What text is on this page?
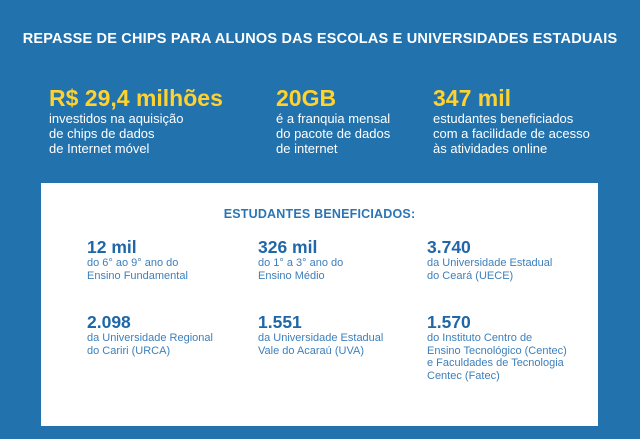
REPASSE DE CHIPS PARA ALUNOS DAS ESCOLAS E UNIVERSIDADES ESTADUAIS
R$ 29,4 milhões
investidos na aquisição
de chips de dados
de Internet móvel
20GB
é a franquia mensal
do pacote de dados
de internet
347 mil
estudantes beneficiados
com a facilidade de acesso
às atividades online
ESTUDANTES BENEFICIADOS:
12 mil
do 6° ao 9° ano do
Ensino Fundamental
326 mil
do 1° a 3° ano do
Ensino Médio
3.740
da Universidade Estadual
do Ceará (UECE)
2.098
da Universidade Regional
do Cariri (URCA)
1.551
da Universidade Estadual
Vale do Acaraú (UVA)
1.570
do Instituto Centro de
Ensino Tecnológico (Centec)
e Faculdades de Tecnologia
Centec (Fatec)
